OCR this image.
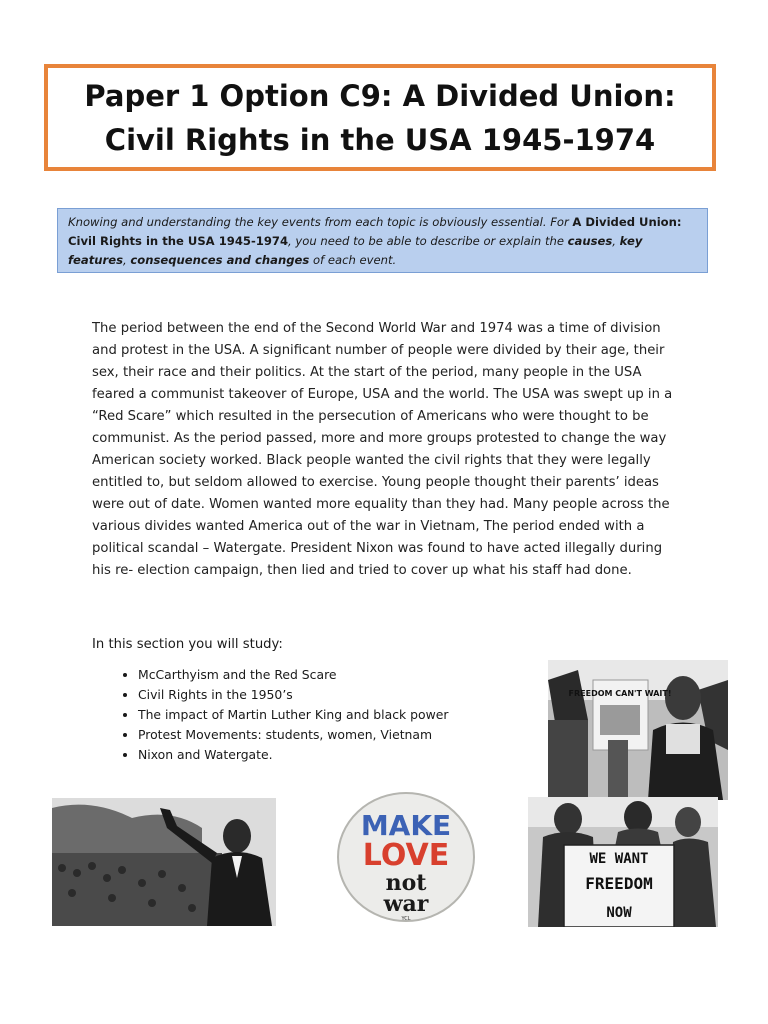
Paper 1 Option C9: A Divided Union:
Civil Rights in the USA 1945-1974
Knowing and understanding the key events from each topic is obviously essential. For A Divided Union: Civil Rights in the USA 1945-1974, you need to be able to describe or explain the causes, key features, consequences and changes of each event.

The period between the end of the Second World War and 1974 was a time of division and protest in the USA. A significant number of people were divided by their age, their sex, their race and their politics. At the start of the period, many people in the USA feared a communist takeover of Europe, USA and the world. The USA was swept up in a “Red Scare” which resulted in the persecution of Americans who were thought to be communist. As the period passed, more and more groups protested to change the way American society worked. Black people wanted the civil rights that they were legally entitled to, but seldom allowed to exercise. Young people thought their parents’ ideas were out of date. Women wanted more equality than they had. Many people across the various divides wanted America out of the war in Vietnam, The period ended with a political scandal – Watergate. President Nixon was found to have acted illegally during his re- election campaign, then lied and tried to cover up what his staff had done.

In this section you will study:
• McCarthyism and the Red Scare
• Civil Rights in the 1950’s
• The impact of Martin Luther King and black power
• Protest Movements: students, women, Vietnam
• Nixon and Watergate.
FREEDOM CAN'T WAIT!
MAKE
LOVE
not
war
YCL
WE WANT
FREEDOM
NOW
